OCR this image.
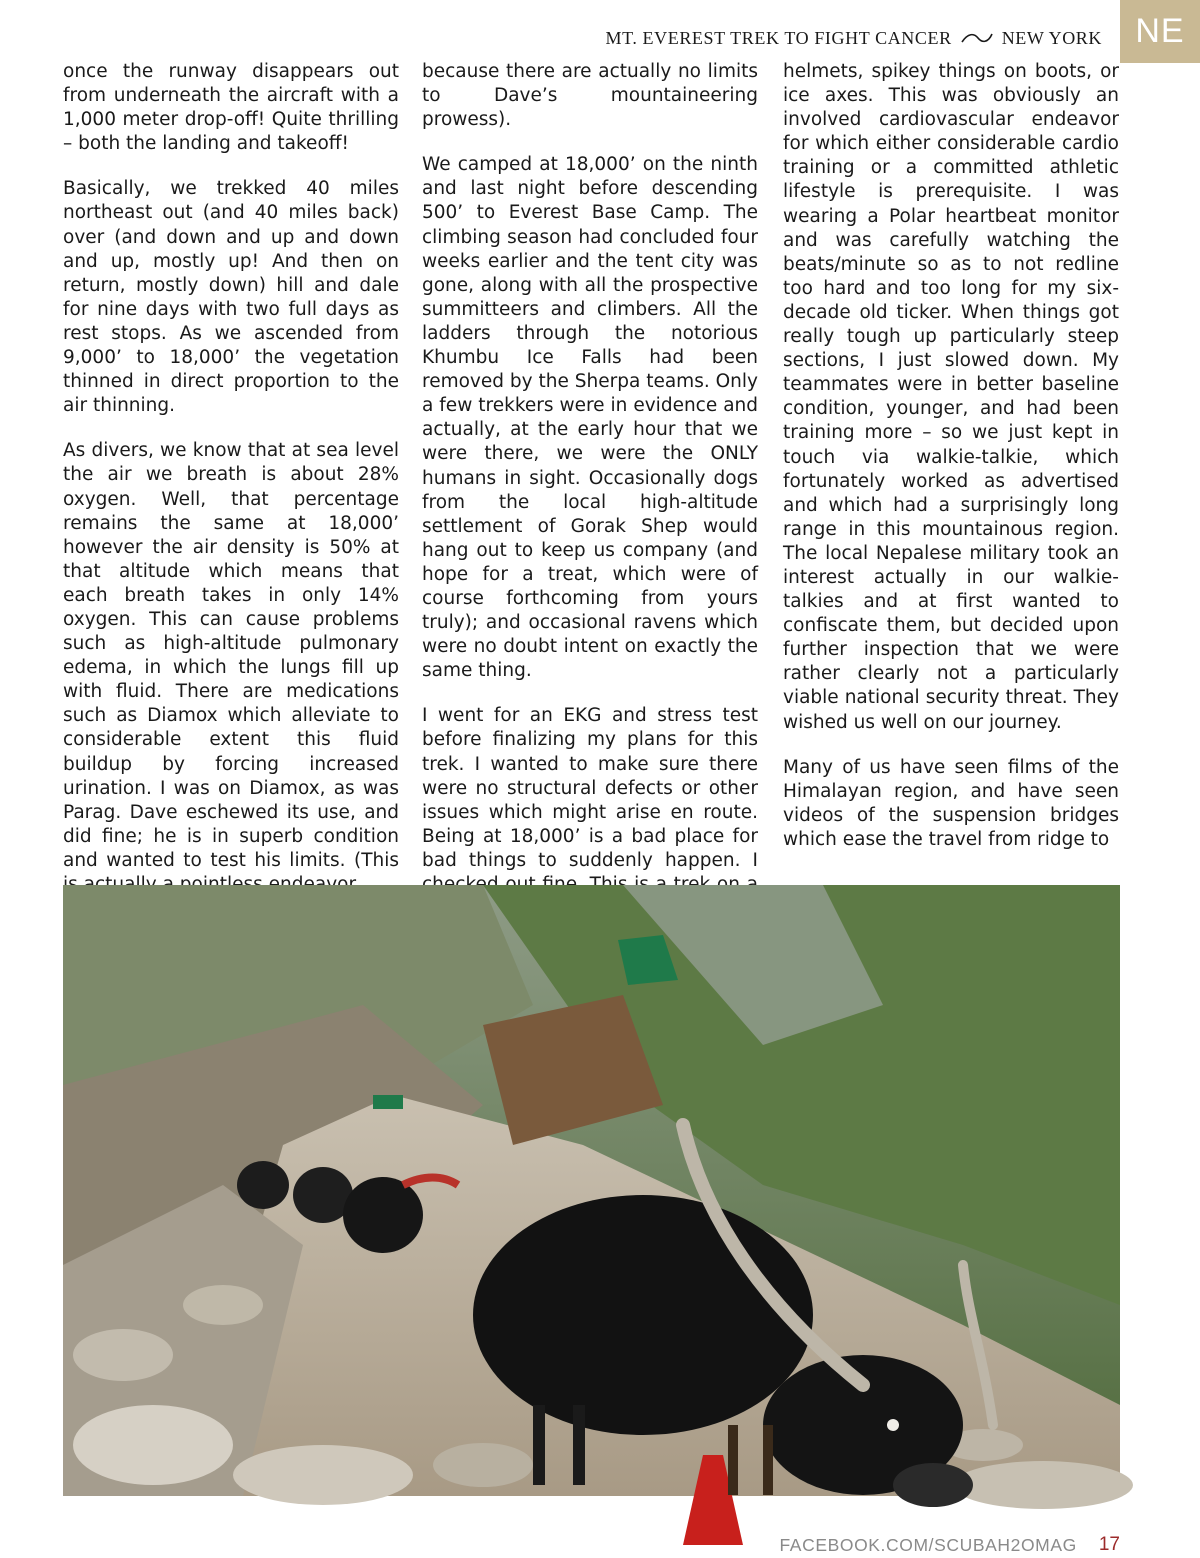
MT. EVEREST TREK TO FIGHT CANCER	NEW YORK NE

once the runway disappears out from underneath the aircraft with a 1,000 meter drop-off! Quite thrilling – both the landing and takeoff!

Basically, we trekked 40 miles northeast out (and 40 miles back) over (and down and up and down and up, mostly up! And then on return, mostly down) hill and dale for nine days with two full days as rest stops. As we ascended from 9,000’ to 18,000’ the vegetation thinned in direct proportion to the air thinning.

As divers, we know that at sea level the air we breath is about 28% oxygen. Well, that percentage remains the same at 18,000’ however the air density is 50% at that altitude which means that each breath takes in only 14% oxygen. This can cause problems such as high-altitude pulmonary edema, in which the lungs fill up with fluid. There are medications such as Diamox which alleviate to considerable extent this fluid buildup by forcing increased urination. I was on Diamox, as was Parag. Dave eschewed its use, and did fine; he is in superb condition and wanted to test his limits. (This

because there are actually no limits to Dave’s mountaineering prowess).

We camped at 18,000’ on the ninth and last night before descending 500’ to Everest Base Camp. The climbing season had concluded four weeks earlier and the tent city was gone, along with all the prospective summitteers and climbers. All the ladders through the notorious Khumbu Ice Falls had been removed by the Sherpa teams. Only a few trekkers were in evidence and actually, at the early hour that we were there, we were the ONLY humans in sight. Occasionally dogs from the local high-altitude settlement of Gorak Shep would hang out to keep us company (and hope for a treat, which were of course forthcoming from yours truly); and occasional ravens which were no doubt intent on exactly the same thing.

I went for an EKG and stress test before finalizing my plans for this trek. I wanted to make sure there were no structural defects or other issues which might arise en route. Being at 18,000’ is a bad place for bad things to suddenly happen. I

helmets, spikey things on boots, or ice axes. This was obviously an involved cardiovascular endeavor for which either considerable cardio training or a committed athletic lifestyle is prerequisite. I was wearing a Polar heartbeat monitor and was carefully watching the beats/minute so as to not redline too hard and too long for my six-decade old ticker. When things got really tough up particularly steep sections, I just slowed down. My teammates were in better baseline condition, younger, and had been training more – so we just kept in touch via walkie-talkie, which fortunately worked as advertised and which had a surprisingly long range in this mountainous region. The local Nepalese military took an interest actually in our walkie-talkies and at first wanted to confiscate them, but decided upon further inspection that we were rather clearly not a particularly viable national security threat. They wished us well on our journey.

Many of us have seen films of the Himalayan region, and have seen videos of the suspension bridges which ease the travel from ridge to

FACEBOOK.COM/SCUBAH2OMAG 17
